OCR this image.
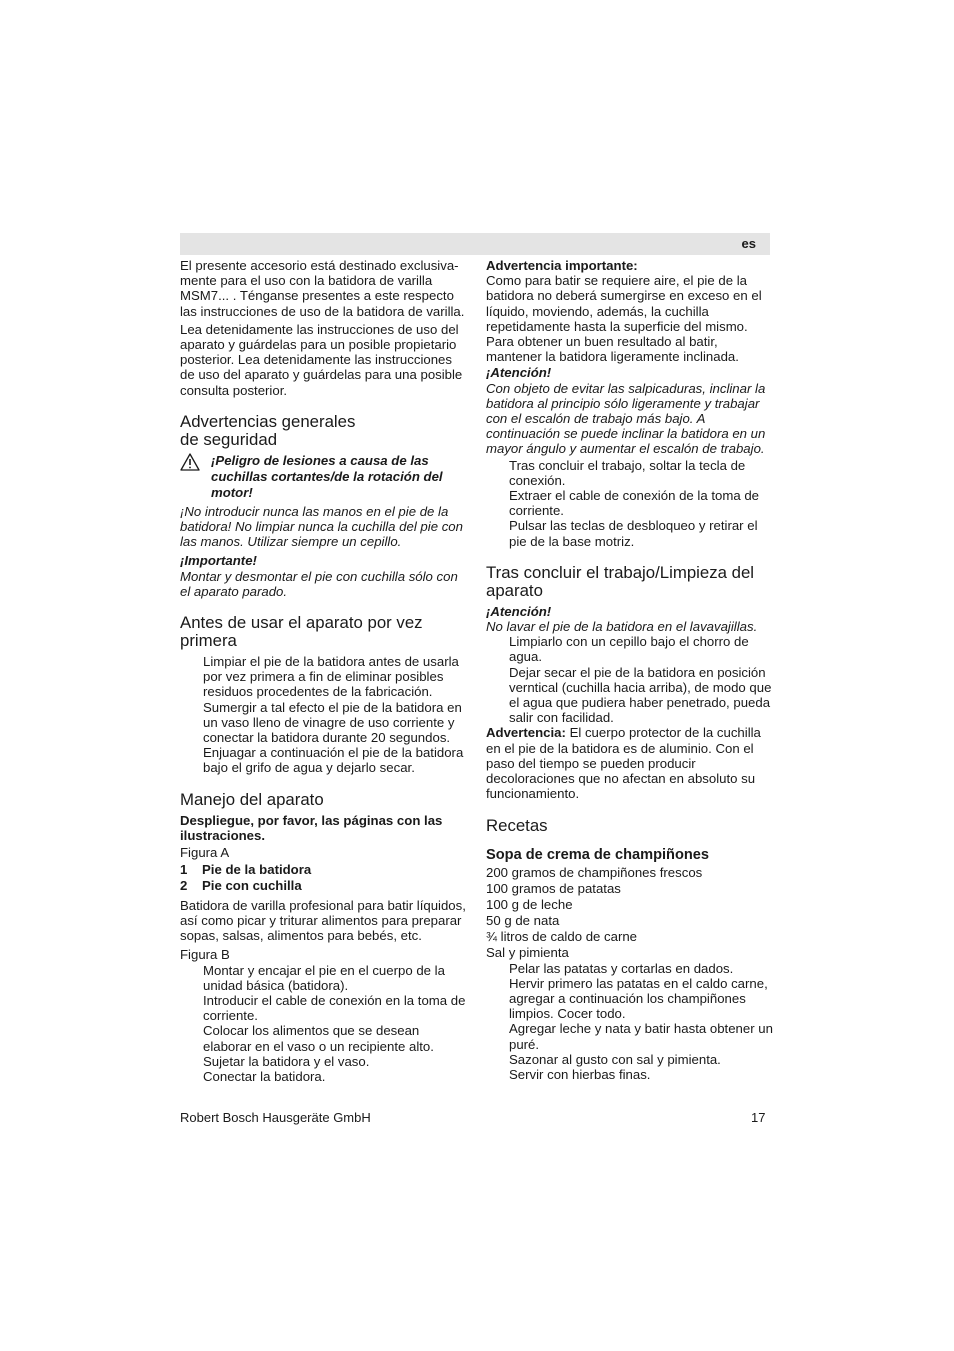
es

El presente accesorio está destinado exclusiva-mente para el uso con la batidora de varilla MSM7... . Ténganse presentes a este respecto las instrucciones de uso de la batidora de varilla.

Lea detenidamente las instrucciones de uso del aparato y guárdelas para un posible propietario posterior. Lea detenidamente las instrucciones de uso del aparato y guárdelas para una posible consulta posterior.

Advertencias generales
de seguridad
¡Peligro de lesiones a causa de las cuchillas cortantes/de la rotación del motor!

¡No introducir nunca las manos en el pie de la batidora! No limpiar nunca la cuchilla del pie con las manos. Utilizar siempre un cepillo.

¡Importante!

Montar y desmontar el pie con cuchilla sólo con el aparato parado.

Antes de usar el aparato por vez primera

Limpiar el pie de la batidora antes de usarla por vez primera a fin de eliminar posibles residuos procedentes de la fabricación. Sumergir a tal efecto el pie de la batidora en un vaso lleno de vinagre de uso corriente y conectar la batidora durante 20 segundos. Enjuagar a continuación el pie de la batidora bajo el grifo de agua y dejarlo secar.

Manejo del aparato

Despliegue, por favor, las páginas con las ilustraciones.

Figura A

1	Pie de la batidora
2	Pie con cuchilla

Batidora de varilla profesional para batir líquidos, así como picar y triturar alimentos para preparar sopas, salsas, alimentos para bebés, etc.

Figura B

Montar y encajar el pie en el cuerpo de la unidad básica (batidora).

Introducir el cable de conexión en la toma de corriente.

Colocar los alimentos que se desean elaborar en el vaso o un recipiente alto.

Sujetar la batidora y el vaso.

Conectar la batidora.

Advertencia importante:

Como para batir se requiere aire, el pie de la batidora no deberá sumergirse en exceso en el líquido, moviendo, además, la cuchilla repetidamente hasta la superficie del mismo. Para obtener un buen resultado al batir, mantener la batidora ligeramente inclinada.

¡Atención!

Con objeto de evitar las salpicaduras, inclinar la batidora al principio sólo ligeramente y trabajar con el escalón de trabajo más bajo. A continuación se puede inclinar la batidora en un mayor ángulo y aumentar el escalón de trabajo.

Tras concluir el trabajo, soltar la tecla de conexión.

Extraer el cable de conexión de la toma de corriente.

Pulsar las teclas de desbloqueo y retirar el pie de la base motriz.

Tras concluir el trabajo/Limpieza del aparato

¡Atención!

No lavar el pie de la batidora en el lavavajillas.

Limpiarlo con un cepillo bajo el chorro de agua.

Dejar secar el pie de la batidora en posición verntical (cuchilla hacia arriba), de modo que el agua que pudiera haber penetrado, pueda salir con facilidad.

Advertencia: El cuerpo protector de la cuchilla en el pie de la batidora es de aluminio. Con el paso del tiempo se pueden producir decoloraciones que no afectan en absoluto su funcionamiento.

Recetas
Sopa de crema de champiñones

200 gramos de champiñones frescos

100 gramos de patatas

100 g de leche

50 g de nata

¾ litros de caldo de carne

Sal y pimienta

Pelar las patatas y cortarlas en dados.

Hervir primero las patatas en el caldo carne, agregar a continuación los champiñones limpios. Cocer todo.

Agregar leche y nata y batir hasta obtener un puré.

Sazonar al gusto con sal y pimienta.

Servir con hierbas finas.

Robert Bosch Hausgeräte GmbH	17
